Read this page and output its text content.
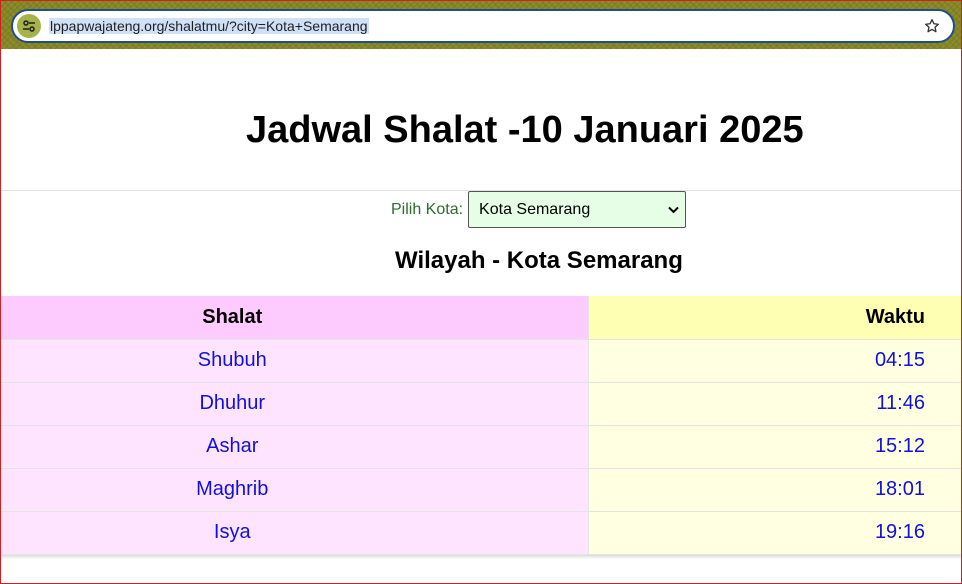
lppapwajateng.org/shalatmu/?city=Kota+Semarang
Jadwal Shalat -10 Januari 2025
Pilih Kota: Kota Semarang
Wilayah - Kota Semarang
Shalat	Waktu
Shubuh	04:15
Dhuhur	11:46
Ashar	15:12
Maghrib	18:01
Isya	19:16
